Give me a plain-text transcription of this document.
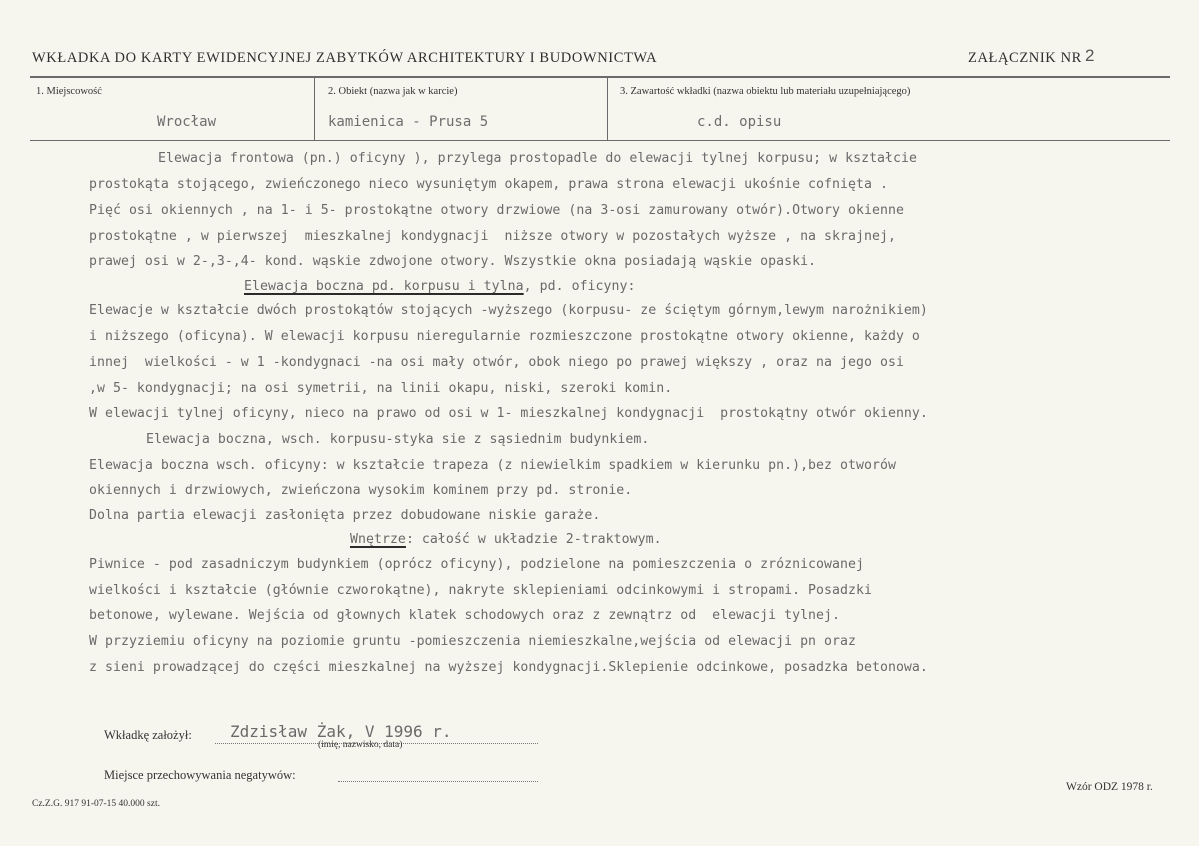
WKŁADKA DO KARTY EWIDENCYJNEJ ZABYTKÓW ARCHITEKTURY I BUDOWNICTWA	ZAŁĄCZNIK NR 2
1. Miejscowość
Wrocław
2. Obiekt (nazwa jak w karcie)
kamienica - Prusa 5
3. Zawartość wkładki (nazwa obiektu lub materiału uzupełniającego)
c.d. opisu
Elewacja frontowa (pn.) oficyny ), przylega prostopadle do elewacji tylnej korpusu; w kształcie
prostokąta stojącego, zwieńczonego nieco wysuniętym okapem, prawa strona elewacji ukośnie cofnięta .
Pięć osi okiennych , na 1- i 5- prostokątne otwory drzwiowe (na 3-osi zamurowany otwór).Otwory okienne
prostokątne , w pierwszej  mieszkalnej kondygnacji  niższe otwory w pozostałych wyższe , na skrajnej,
prawej osi w 2-,3-,4- kond. wąskie zdwojone otwory. Wszystkie okna posiadają wąskie opaski.
Elewacja boczna pd. korpusu i tylna, pd. oficyny:
Elewacje w kształcie dwóch prostokątów stojących -wyższego (korpusu- ze ściętym górnym,lewym narożnikiem)
i niższego (oficyna). W elewacji korpusu nieregularnie rozmieszczone prostokątne otwory okienne, każdy o
innej  wielkości - w 1 -kondygnaci -na osi mały otwór, obok niego po prawej większy , oraz na jego osi
,w 5- kondygnacji; na osi symetrii, na linii okapu, niski, szeroki komin.
W elewacji tylnej oficyny, nieco na prawo od osi w 1- mieszkalnej kondygnacji  prostokątny otwór okienny.
Elewacja boczna, wsch. korpusu-styka sie z sąsiednim budynkiem.
Elewacja boczna wsch. oficyny: w kształcie trapeza (z niewielkim spadkiem w kierunku pn.),bez otworów
okiennych i drzwiowych, zwieńczona wysokim kominem przy pd. stronie.
Dolna partia elewacji zasłonięta przez dobudowane niskie garaże.
Wnętrze: całość w układzie 2-traktowym.
Piwnice - pod zasadniczym budynkiem (oprócz oficyny), podzielone na pomieszczenia o zróznicowanej
wielkości i kształcie (głównie czworokątne), nakryte sklepieniami odcinkowymi i stropami. Posadzki
betonowe, wylewane. Wejścia od głownych klatek schodowych oraz z zewnątrz od  elewacji tylnej.
W przyziemiu oficyny na poziomie gruntu -pomieszczenia niemieszkalne,wejścia od elewacji pn oraz
z sieni prowadzącej do części mieszkalnej na wyższej kondygnacji.Sklepienie odcinkowe, posadzka betonowa.
Wkładkę założył: Zdzisław Żak, V 1996 r.
(imię, nazwisko, data)
Miejsce przechowywania negatywów:
Cz.Z.G. 917 91-07-15 40.000 szt.
Wzór ODZ 1978 r.
